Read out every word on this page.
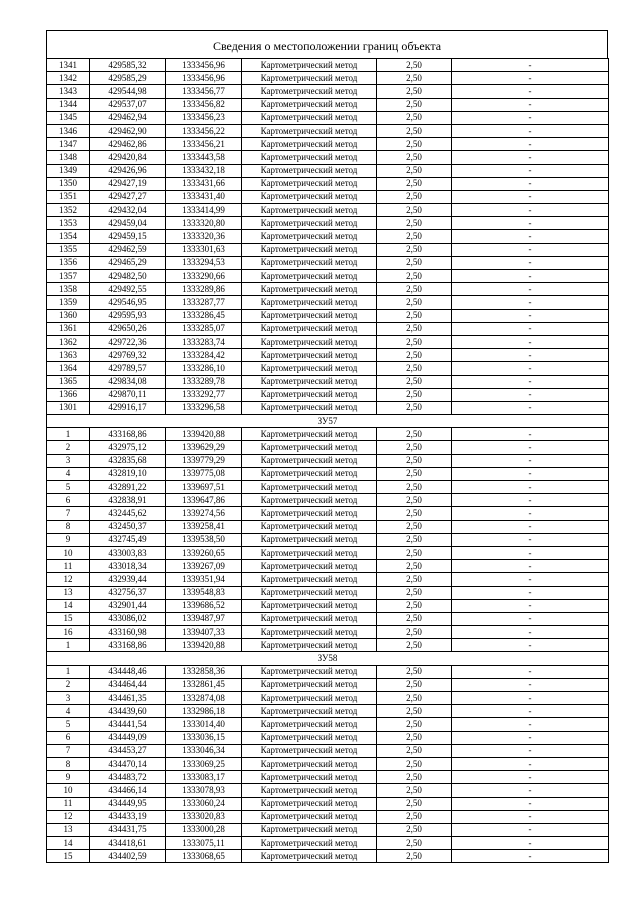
Сведения о местоположении границ объекта
1341	429585,32	1333456,96	Картометрический метод	2,50	-
1342	429585,29	1333456,96	Картометрический метод	2,50	-
1343	429544,98	1333456,77	Картометрический метод	2,50	-
1344	429537,07	1333456,82	Картометрический метод	2,50	-
1345	429462,94	1333456,23	Картометрический метод	2,50	-
1346	429462,90	1333456,22	Картометрический метод	2,50	-
1347	429462,86	1333456,21	Картометрический метод	2,50	-
1348	429420,84	1333443,58	Картометрический метод	2,50	-
1349	429426,96	1333432,18	Картометрический метод	2,50	-
1350	429427,19	1333431,66	Картометрический метод	2,50	-
1351	429427,27	1333431,40	Картометрический метод	2,50	-
1352	429432,04	1333414,99	Картометрический метод	2,50	-
1353	429459,04	1333320,80	Картометрический метод	2,50	-
1354	429459,15	1333320,36	Картометрический метод	2,50	-
1355	429462,59	1333301,63	Картометрический метод	2,50	-
1356	429465,29	1333294,53	Картометрический метод	2,50	-
1357	429482,50	1333290,66	Картометрический метод	2,50	-
1358	429492,55	1333289,86	Картометрический метод	2,50	-
1359	429546,95	1333287,77	Картометрический метод	2,50	-
1360	429595,93	1333286,45	Картометрический метод	2,50	-
1361	429650,26	1333285,07	Картометрический метод	2,50	-
1362	429722,36	1333283,74	Картометрический метод	2,50	-
1363	429769,32	1333284,42	Картометрический метод	2,50	-
1364	429789,57	1333286,10	Картометрический метод	2,50	-
1365	429834,08	1333289,78	Картометрический метод	2,50	-
1366	429870,11	1333292,77	Картометрический метод	2,50	-
1301	429916,17	1333296,58	Картометрический метод	2,50	-
ЗУ57					
1	433168,86	1339420,88	Картометрический метод	2,50	-
2	432975,12	1339629,29	Картометрический метод	2,50	-
3	432835,68	1339779,29	Картометрический метод	2,50	-
4	432819,10	1339775,08	Картометрический метод	2,50	-
5	432891,22	1339697,51	Картометрический метод	2,50	-
6	432838,91	1339647,86	Картометрический метод	2,50	-
7	432445,62	1339274,56	Картометрический метод	2,50	-
8	432450,37	1339258,41	Картометрический метод	2,50	-
9	432745,49	1339538,50	Картометрический метод	2,50	-
10	433003,83	1339260,65	Картометрический метод	2,50	-
11	433018,34	1339267,09	Картометрический метод	2,50	-
12	432939,44	1339351,94	Картометрический метод	2,50	-
13	432756,37	1339548,83	Картометрический метод	2,50	-
14	432901,44	1339686,52	Картометрический метод	2,50	-
15	433086,02	1339487,97	Картометрический метод	2,50	-
16	433160,98	1339407,33	Картометрический метод	2,50	-
1	433168,86	1339420,88	Картометрический метод	2,50	-
ЗУ58					
1	434448,46	1332858,36	Картометрический метод	2,50	-
2	434464,44	1332861,45	Картометрический метод	2,50	-
3	434461,35	1332874,08	Картометрический метод	2,50	-
4	434439,60	1332986,18	Картометрический метод	2,50	-
5	434441,54	1333014,40	Картометрический метод	2,50	-
6	434449,09	1333036,15	Картометрический метод	2,50	-
7	434453,27	1333046,34	Картометрический метод	2,50	-
8	434470,14	1333069,25	Картометрический метод	2,50	-
9	434483,72	1333083,17	Картометрический метод	2,50	-
10	434466,14	1333078,93	Картометрический метод	2,50	-
11	434449,95	1333060,24	Картометрический метод	2,50	-
12	434433,19	1333020,83	Картометрический метод	2,50	-
13	434431,75	1333000,28	Картометрический метод	2,50	-
14	434418,61	1333075,11	Картометрический метод	2,50	-
15	434402,59	1333068,65	Картометрический метод	2,50	-
